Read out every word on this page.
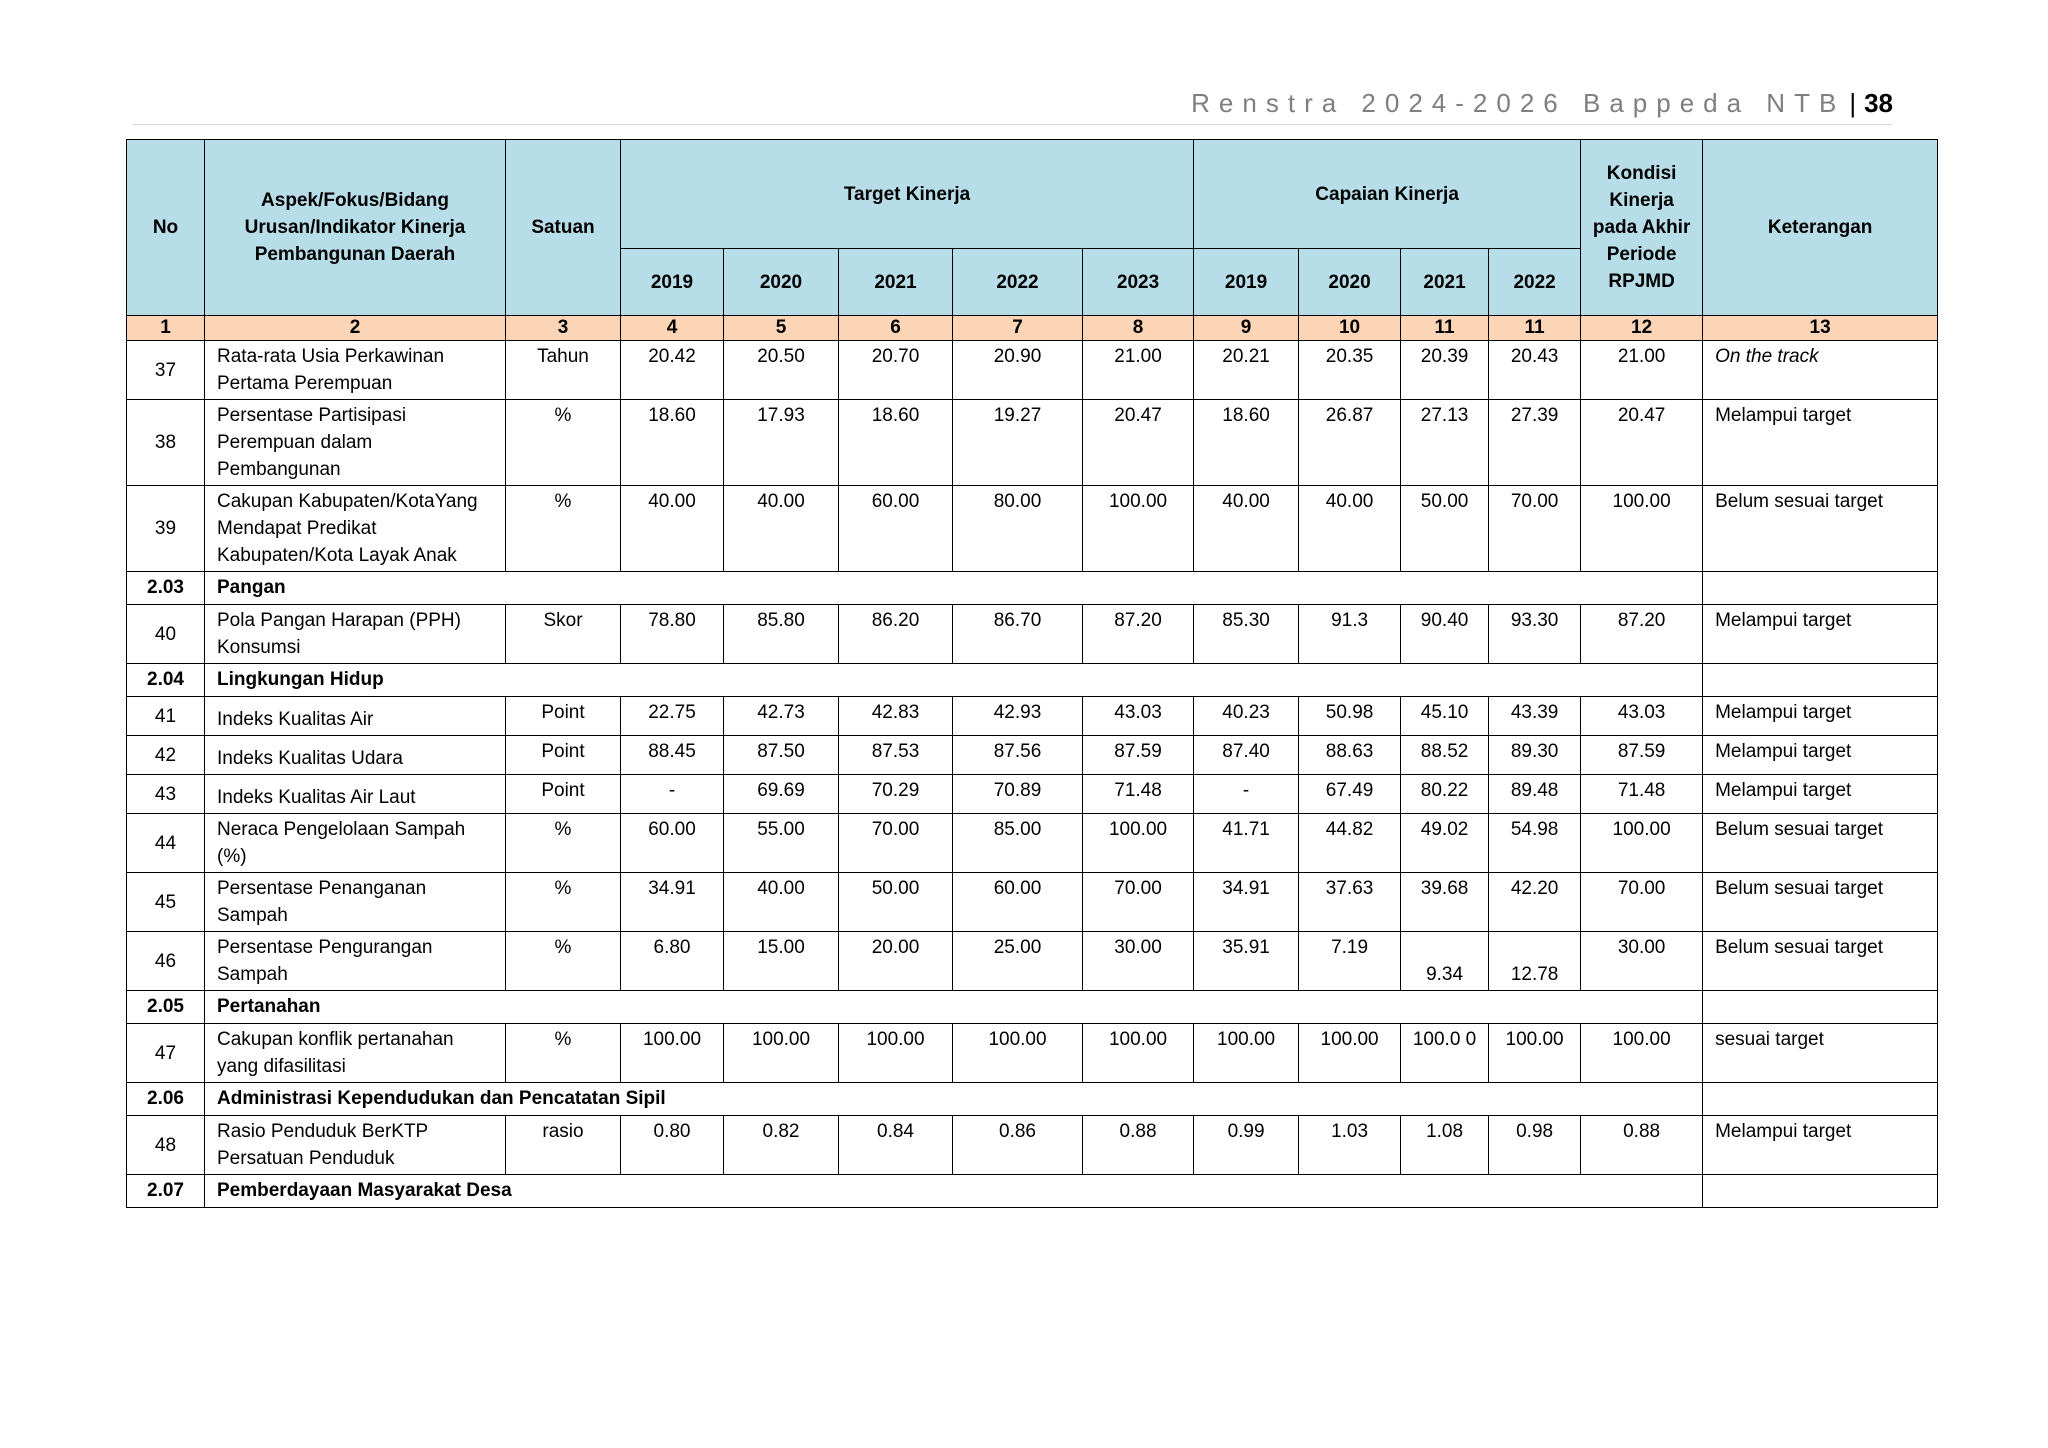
Renstra 2024-2026 Bappeda NTB | 38
No	Aspek/Fokus/Bidang Urusan/Indikator Kinerja Pembangunan Daerah	Satuan	Target Kinerja					Capaian Kinerja				Kondisi Kinerja pada Akhir Periode RPJMD	Keterangan
			2019	2020	2021	2022	2023	2019	2020	2021	2022		
1	2	3	4	5	6	7	8	9	10	11	11	12	13
37	Rata-rata Usia Perkawinan Pertama Perempuan	Tahun	20.42	20.50	20.70	20.90	21.00	20.21	20.35	20.39	20.43	21.00	On the track
38	Persentase Partisipasi Perempuan dalam Pembangunan	%	18.60	17.93	18.60	19.27	20.47	18.60	26.87	27.13	27.39	20.47	Melampui target
39	Cakupan Kabupaten/KotaYang Mendapat Predikat Kabupaten/Kota Layak Anak	%	40.00	40.00	60.00	80.00	100.00	40.00	40.00	50.00	70.00	100.00	Belum sesuai target
2.03	Pangan												
40	Pola Pangan Harapan (PPH) Konsumsi	Skor	78.80	85.80	86.20	86.70	87.20	85.30	91.3	90.40	93.30	87.20	Melampui target
2.04	Lingkungan Hidup												
41	Indeks Kualitas Air	Point	22.75	42.73	42.83	42.93	43.03	40.23	50.98	45.10	43.39	43.03	Melampui target
42	Indeks Kualitas Udara	Point	88.45	87.50	87.53	87.56	87.59	87.40	88.63	88.52	89.30	87.59	Melampui target
43	Indeks Kualitas Air Laut	Point	-	69.69	70.29	70.89	71.48	-	67.49	80.22	89.48	71.48	Melampui target
44	Neraca Pengelolaan Sampah (%)	%	60.00	55.00	70.00	85.00	100.00	41.71	44.82	49.02	54.98	100.00	Belum sesuai target
45	Persentase Penanganan Sampah	%	34.91	40.00	50.00	60.00	70.00	34.91	37.63	39.68	42.20	70.00	Belum sesuai target
46	Persentase Pengurangan Sampah	%	6.80	15.00	20.00	25.00	30.00	35.91	7.19	9.34	12.78	30.00	Belum sesuai target
2.05	Pertanahan												
47	Cakupan konflik pertanahan yang difasilitasi	%	100.00	100.00	100.00	100.00	100.00	100.00	100.00	100.0 0	100.00	100.00	sesuai target
2.06	Administrasi Kependudukan dan Pencatatan Sipil												
48	Rasio Penduduk BerKTP Persatuan Penduduk	rasio	0.80	0.82	0.84	0.86	0.88	0.99	1.03	1.08	0.98	0.88	Melampui target
2.07	Pemberdayaan Masyarakat Desa												
